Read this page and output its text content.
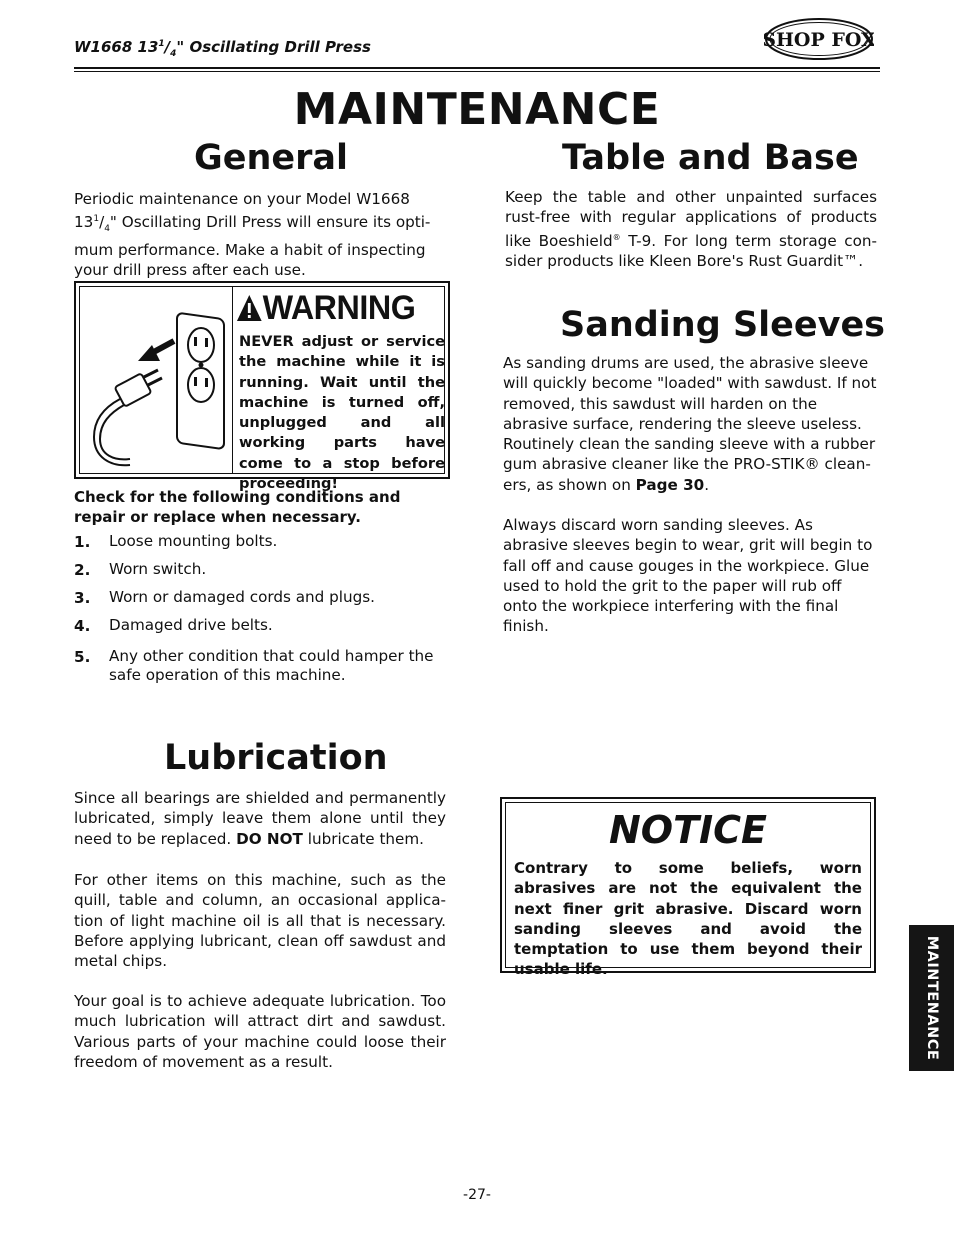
W1668 $13^1/_4$" Oscillating Drill Press	SHOP FOX
MAINTENANCE
General
Periodic maintenance on your Model W1668
$13^1/_4$" Oscillating Drill Press will ensure its opti-
mum performance. Make a habit of inspecting your drill press after each use.
WARNING
NEVER adjust or service the machine while it is running. Wait until the machine is turned off, unplugged and all working parts have come to a stop before proceeding!
Check for the following conditions and repair or replace when necessary.
1. Loose mounting bolts.
2. Worn switch.
3. Worn or damaged cords and plugs.
4. Damaged drive belts.
5. Any other condition that could hamper the safe operation of this machine.
Table and Base

Keep the table and other unpainted surfaces rust-free with regular applications of products like Boeshield® T-9. For long term storage con-sider products like Kleen Bore's Rust Guardit™.

Sanding Sleeves

As sanding drums are used, the abrasive sleeve will quickly become "loaded" with sawdust. If not removed, this sawdust will harden on the abrasive surface, rendering the sleeve useless. Routinely clean the sanding sleeve with a rubber gum abrasive cleaner like the PRO-STIK® clean-ers, as shown on Page 30.

Always discard worn sanding sleeves. As abrasive sleeves begin to wear, grit will begin to fall off and cause gouges in the workpiece. Glue used to hold the grit to the paper will rub off onto the workpiece interfering with the final finish.

Lubrication

Since all bearings are shielded and permanently lubricated, simply leave them alone until they need to be replaced. DO NOT lubricate them.

For other items on this machine, such as the quill, table and column, an occasional applica-tion of light machine oil is all that is necessary. Before applying lubricant, clean off sawdust and metal chips.

Your goal is to achieve adequate lubrication. Too much lubrication will attract dirt and sawdust. Various parts of your machine could loose their freedom of movement as a result.

NOTICE
Contrary to some beliefs, worn abrasives are not the equivalent the next finer grit abrasive. Discard worn sanding sleeves and avoid the temptation to use them beyond their usable life.	MAINTENANCE
-27-
